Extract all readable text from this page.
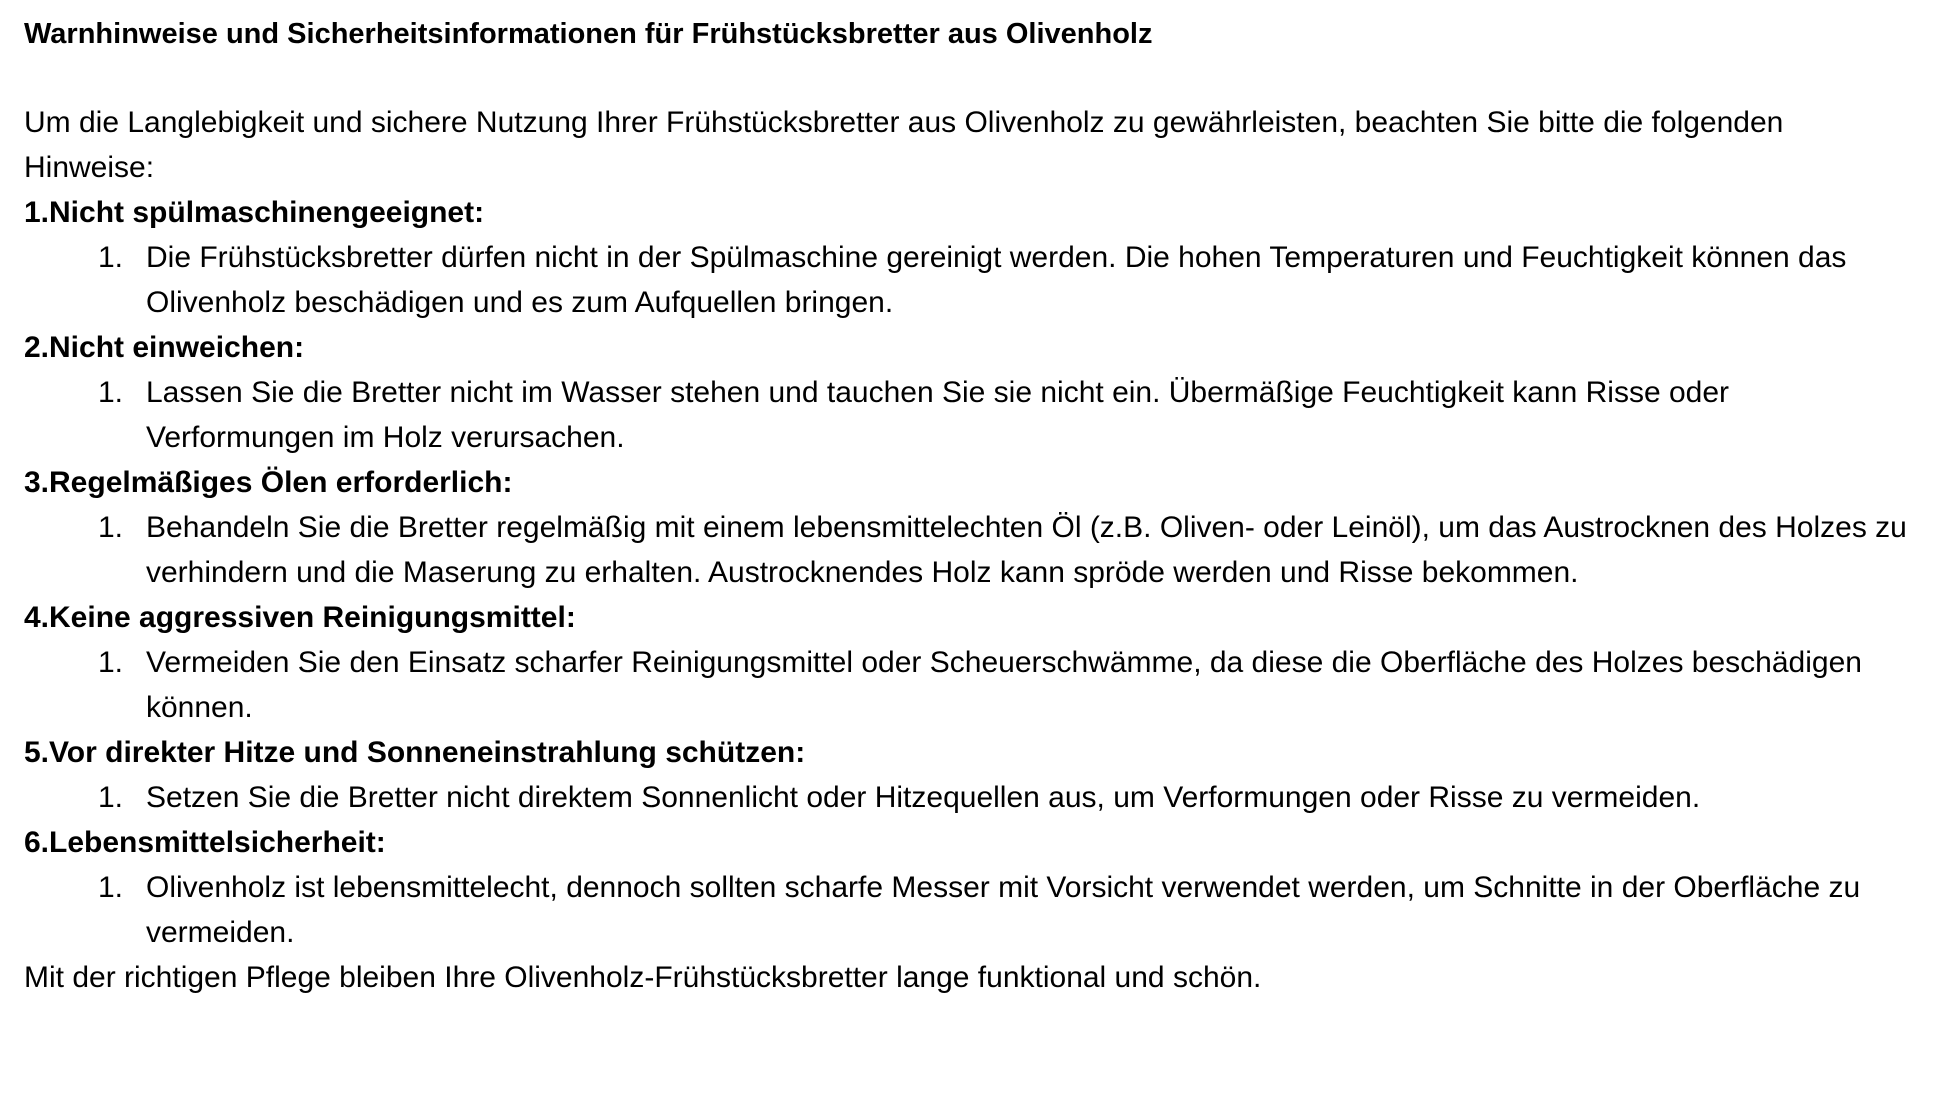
Warnhinweise und Sicherheitsinformationen für Frühstücksbretter aus Olivenholz

Um die Langlebigkeit und sichere Nutzung Ihrer Frühstücksbretter aus Olivenholz zu gewährleisten, beachten Sie bitte die folgenden Hinweise:

1.Nicht spülmaschinengeeignet:

1. Die Frühstücksbretter dürfen nicht in der Spülmaschine gereinigt werden. Die hohen Temperaturen und Feuchtigkeit können das Olivenholz beschädigen und es zum Aufquellen bringen.

2.Nicht einweichen:

1. Lassen Sie die Bretter nicht im Wasser stehen und tauchen Sie sie nicht ein. Übermäßige Feuchtigkeit kann Risse oder Verformungen im Holz verursachen.

3.Regelmäßiges Ölen erforderlich:

1. Behandeln Sie die Bretter regelmäßig mit einem lebensmittelechten Öl (z.B. Oliven- oder Leinöl), um das Austrocknen des Holzes zu verhindern und die Maserung zu erhalten. Austrocknendes Holz kann spröde werden und Risse bekommen.

4.Keine aggressiven Reinigungsmittel:

1. Vermeiden Sie den Einsatz scharfer Reinigungsmittel oder Scheuerschwämme, da diese die Oberfläche des Holzes beschädigen können.

5.Vor direkter Hitze und Sonneneinstrahlung schützen:

1. Setzen Sie die Bretter nicht direktem Sonnenlicht oder Hitzequellen aus, um Verformungen oder Risse zu vermeiden.

6.Lebensmittelsicherheit:

1. Olivenholz ist lebensmittelecht, dennoch sollten scharfe Messer mit Vorsicht verwendet werden, um Schnitte in der Oberfläche zu vermeiden.

Mit der richtigen Pflege bleiben Ihre Olivenholz-Frühstücksbretter lange funktional und schön.
